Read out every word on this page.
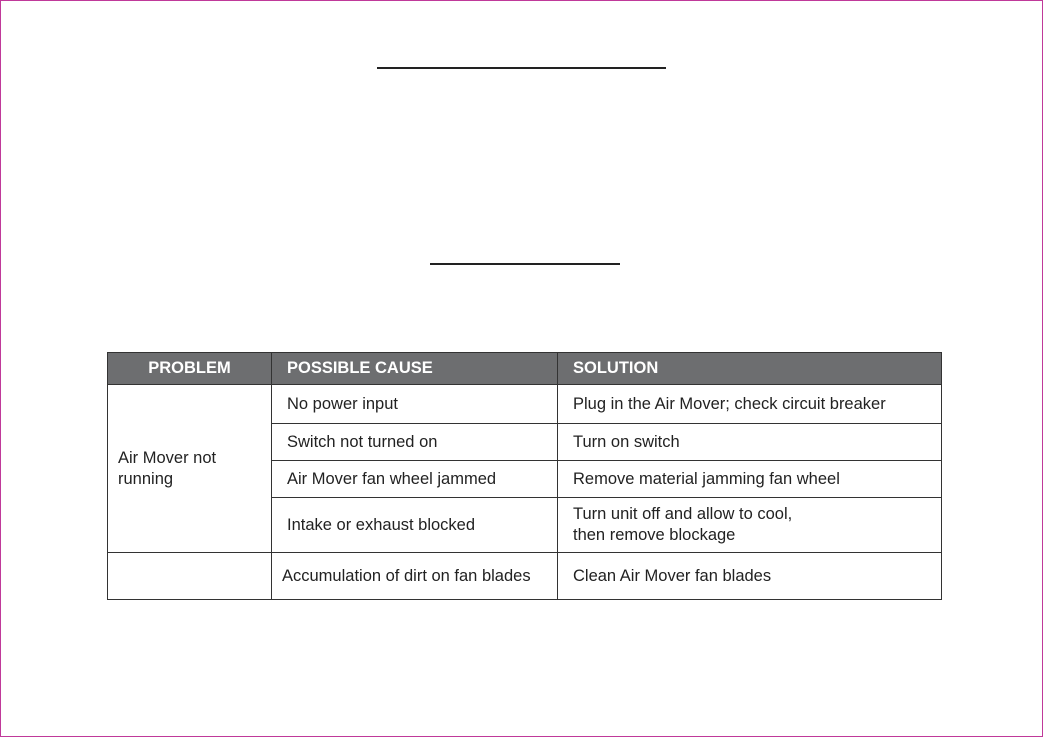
PROBLEM	POSSIBLE CAUSE	SOLUTION
Air Mover not running	No power input	Plug in the Air Mover; check circuit breaker

	Switch not turned on	Turn on switch

	Air Mover fan wheel jammed	Remove material jamming fan wheel

	Intake or exhaust blocked	Turn unit off and allow to cool,
then remove blockage

	Accumulation of dirt on fan blades	Clean Air Mover fan blades
